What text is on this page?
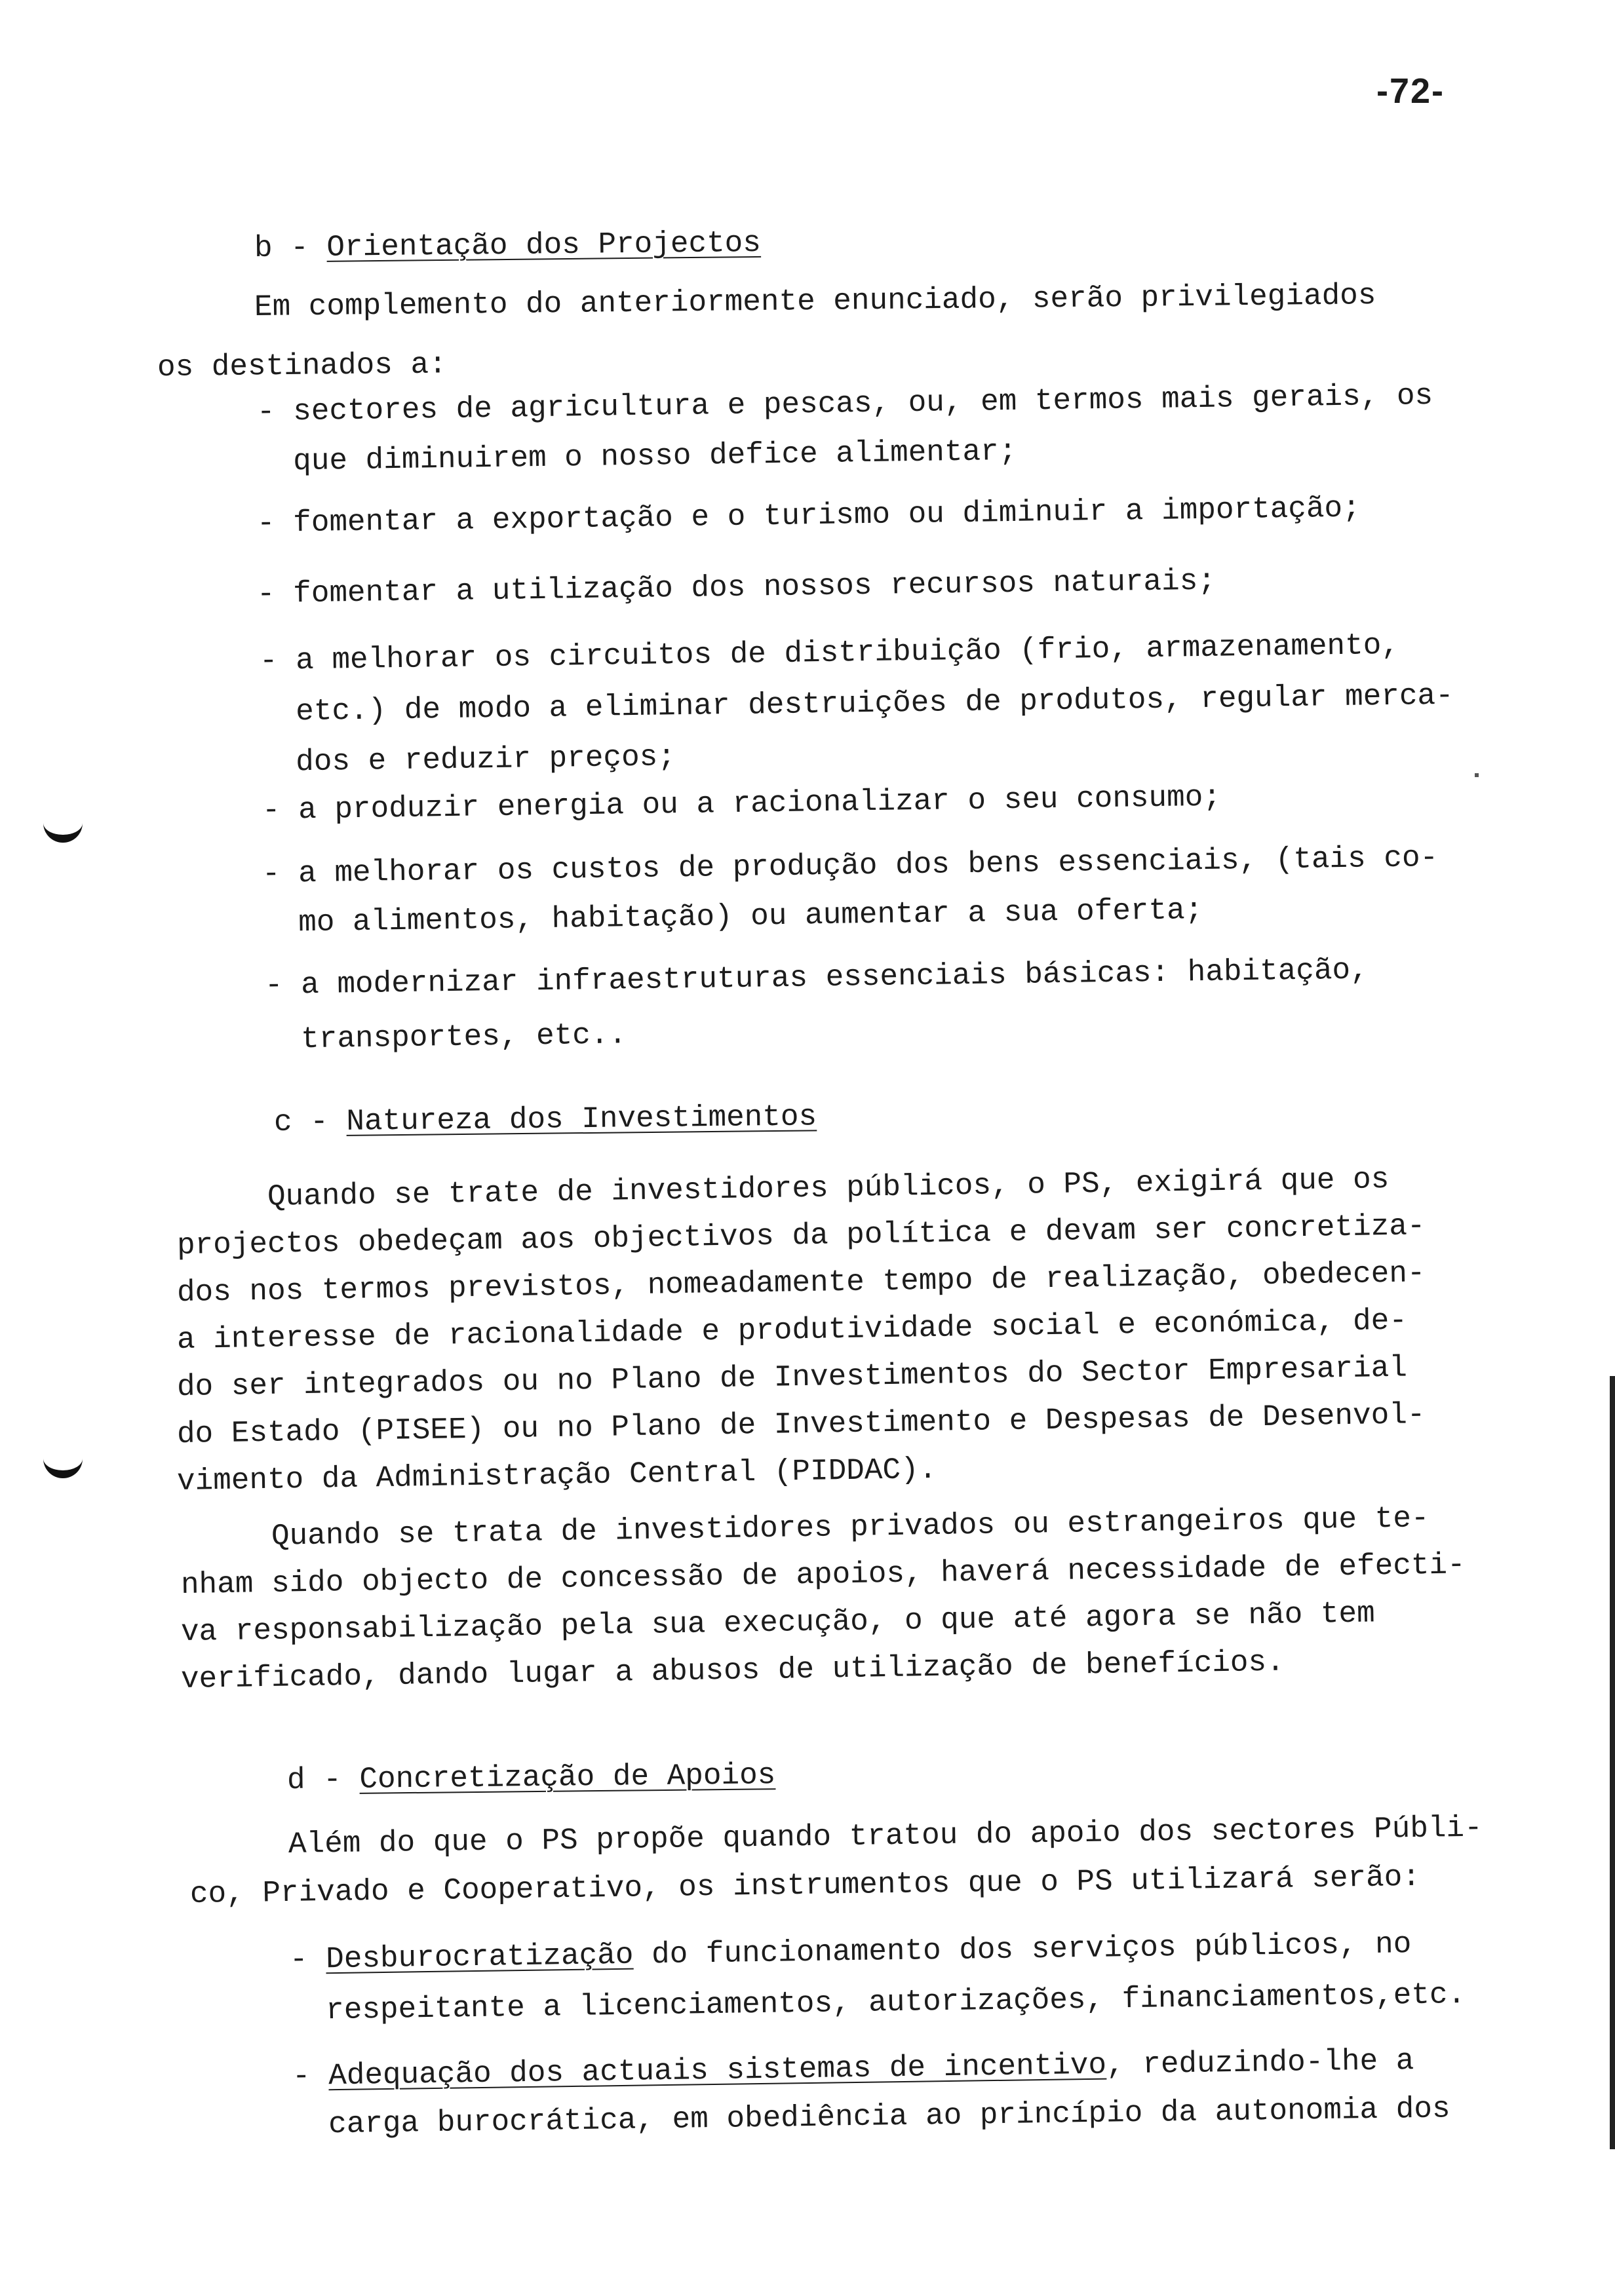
-72-
b - Orientação dos Projectos
Em complemento do anteriormente enunciado, serão privilegiados
os destinados a:
- sectores de agricultura e pescas, ou, em termos mais gerais, os
que diminuirem o nosso defice alimentar;
- fomentar a exportação e o turismo ou diminuir a importação;
- fomentar a utilização dos nossos recursos naturais;
- a melhorar os circuitos de distribuição (frio, armazenamento,
etc.) de modo a eliminar destruições de produtos, regular merca-
dos e reduzir preços;
- a produzir energia ou a racionalizar o seu consumo;
- a melhorar os custos de produção dos bens essenciais, (tais co-
mo alimentos, habitação) ou aumentar a sua oferta;
- a modernizar infraestruturas essenciais básicas: habitação,
transportes, etc..
c - Natureza dos Investimentos
Quando se trate de investidores públicos, o PS, exigirá que os
projectos obedeçam aos objectivos da política e devam ser concretiza-
dos nos termos previstos, nomeadamente tempo de realização, obedecen-
a interesse de racionalidade e produtividade social e económica, de-
do ser integrados ou no Plano de Investimentos do Sector Empresarial
do Estado (PISEE) ou no Plano de Investimento e Despesas de Desenvol-
vimento da Administração Central (PIDDAC).
Quando se trata de investidores privados ou estrangeiros que te-
nham sido objecto de concessão de apoios, haverá necessidade de efecti-
va responsabilização pela sua execução, o que até agora se não tem
verificado, dando lugar a abusos de utilização de benefícios.
d - Concretização de Apoios
Além do que o PS propõe quando tratou do apoio dos sectores Públi-
co, Privado e Cooperativo, os instrumentos que o PS utilizará serão:
- Desburocratização do funcionamento dos serviços públicos, no
respeitante a licenciamentos, autorizações, financiamentos,etc.
- Adequação dos actuais sistemas de incentivo, reduzindo-lhe a
carga burocrática, em obediência ao princípio da autonomia dos
